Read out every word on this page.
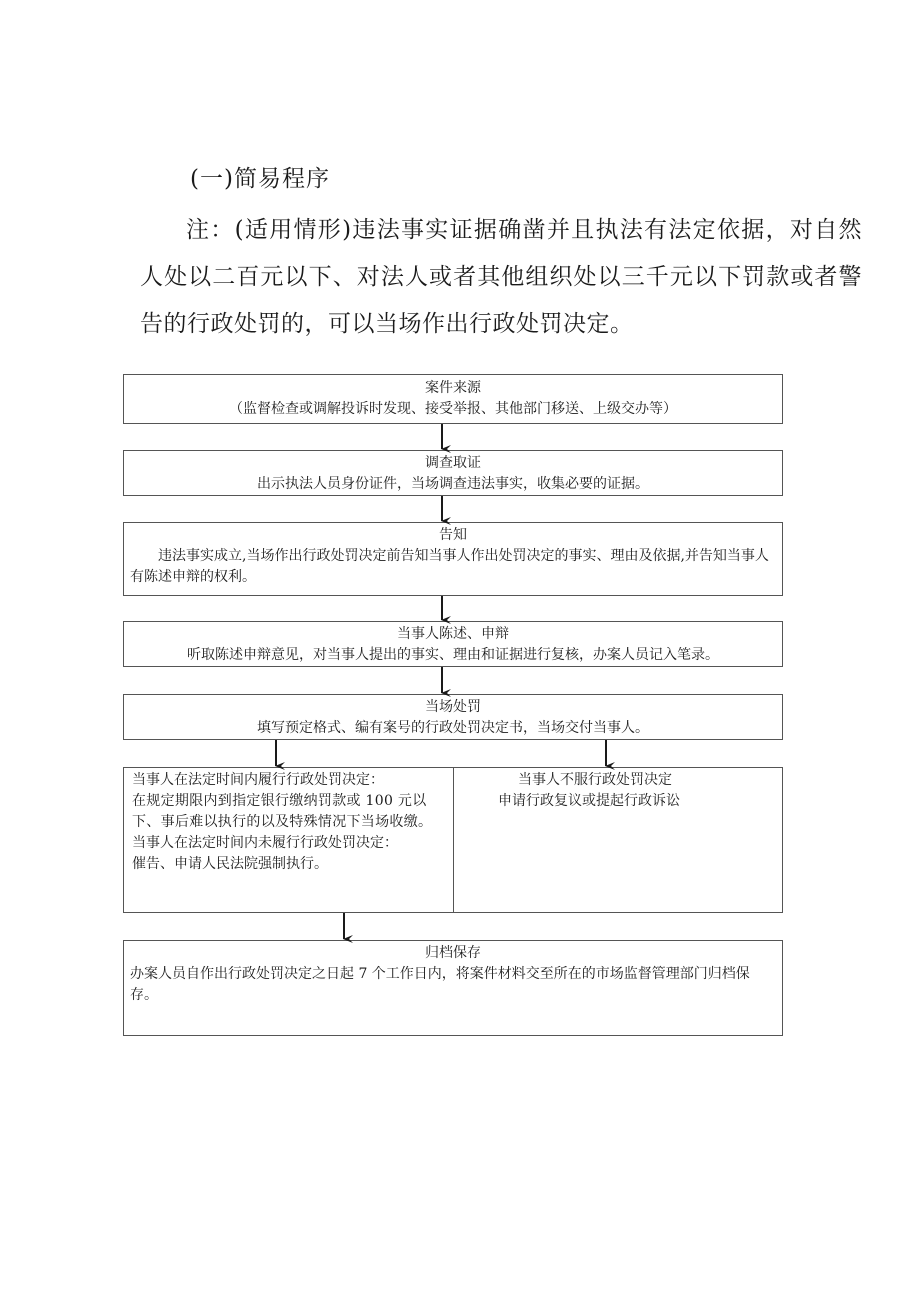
(一)简易程序
注：(适用情形)违法事实证据确凿并且执法有法定依据，对自然人处以二百元以下、对法人或者其他组织处以三千元以下罚款或者警告的行政处罚的，可以当场作出行政处罚决定。
案件来源
（监督检查或调解投诉时发现、接受举报、其他部门移送、上级交办等）
调查取证
出示执法人员身份证件，当场调查违法事实，收集必要的证据。
告知
违法事实成立,当场作出行政处罚决定前告知当事人作出处罚决定的事实、理由及依据,并告知当事人有陈述申辩的权利。
当事人陈述、申辩
听取陈述申辩意见，对当事人提出的事实、理由和证据进行复核，办案人员记入笔录。
当场处罚
填写预定格式、编有案号的行政处罚决定书，当场交付当事人。
当事人在法定时间内履行行政处罚决定：
在规定期限内到指定银行缴纳罚款或 100 元以下、事后难以执行的以及特殊情况下当场收缴。
当事人在法定时间内未履行行政处罚决定：
催告、申请人民法院强制执行。
当事人不服行政处罚决定
申请行政复议或提起行政诉讼
归档保存
办案人员自作出行政处罚决定之日起 7 个工作日内，将案件材料交至所在的市场监督管理部门归档保存。
